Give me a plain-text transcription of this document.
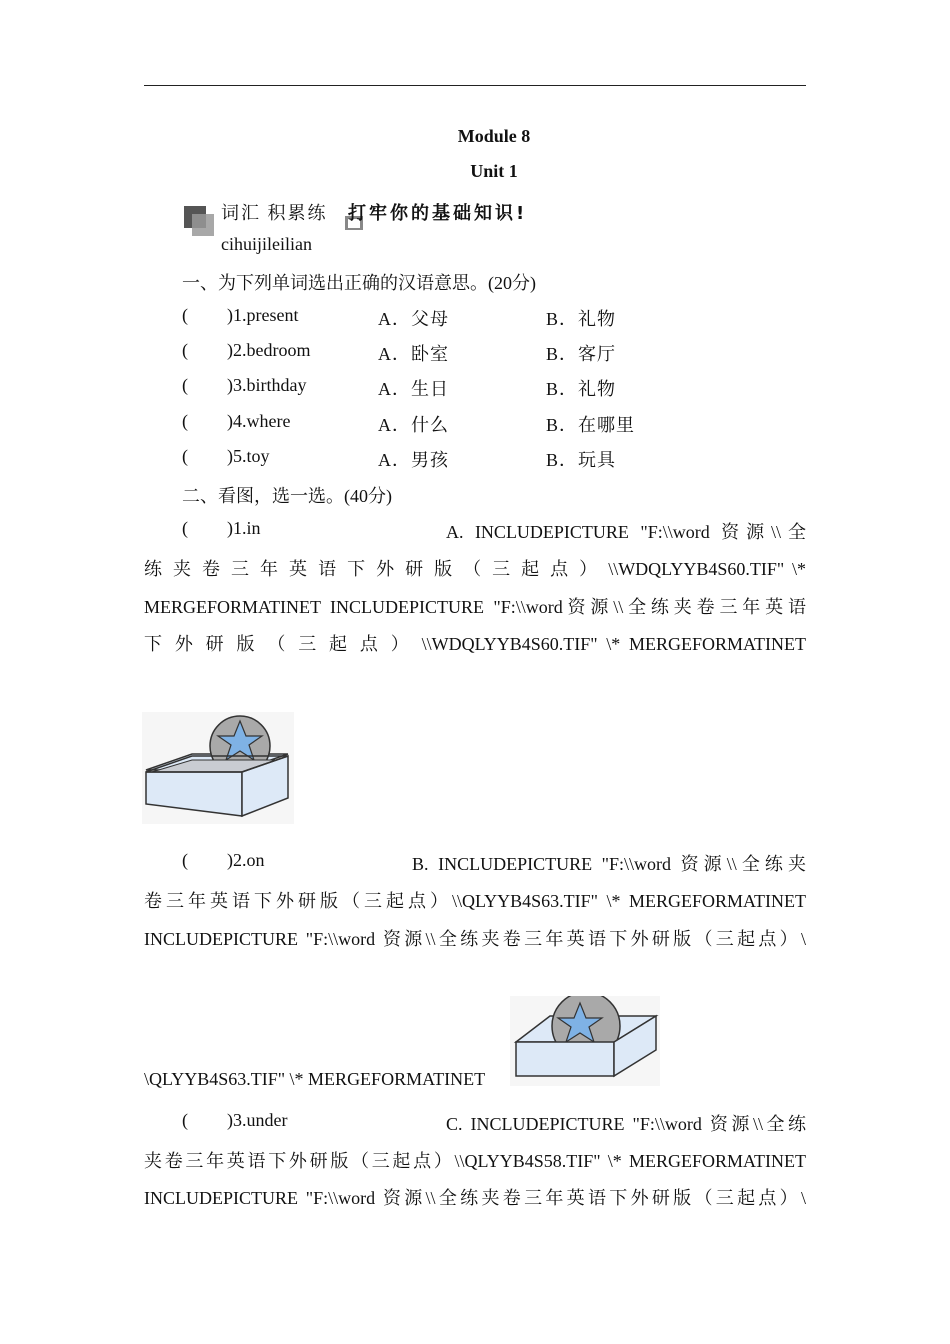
Module 8
Unit 1
词汇 积累练 打牢你的基础知识!
cihuijileilian
一、为下列单词选出正确的汉语意思。(20分)
( )1.present	A．父母	B．礼物
( )2.bedroom	A．卧室	B．客厅
( )3.birthday	A．生日	B．礼物
( )4.where	A．什么	B．在哪里
( )5.toy	A．男孩	B．玩具
二、看图，选一选。(40分)
( )1.in	A. INCLUDEPICTURE "F:\\word 资源\\全
练 夹 卷 三 年 英 语 下 外 研 版 （ 三 起 点 ） \\WDQLYYB4S60.TIF" \*
MERGEFORMATINET INCLUDEPICTURE "F:\\word资源\\全练夹卷三年英语
下 外 研 版 （ 三 起 点 ） \\WDQLYYB4S60.TIF" \* MERGEFORMATINET
( )2.on	B. INCLUDEPICTURE "F:\\word 资源\\全练夹
卷三年英语下外研版（三起点）\\QLYYB4S63.TIF" \* MERGEFORMATINET
INCLUDEPICTURE "F:\\word 资源\\全练夹卷三年英语下外研版（三起点）\
\QLYYB4S63.TIF" \* MERGEFORMATINET
( )3.under	C. INCLUDEPICTURE "F:\\word 资源\\全练
夹卷三年英语下外研版（三起点）\\QLYYB4S58.TIF" \* MERGEFORMATINET
INCLUDEPICTURE "F:\\word 资源\\全练夹卷三年英语下外研版（三起点）\
